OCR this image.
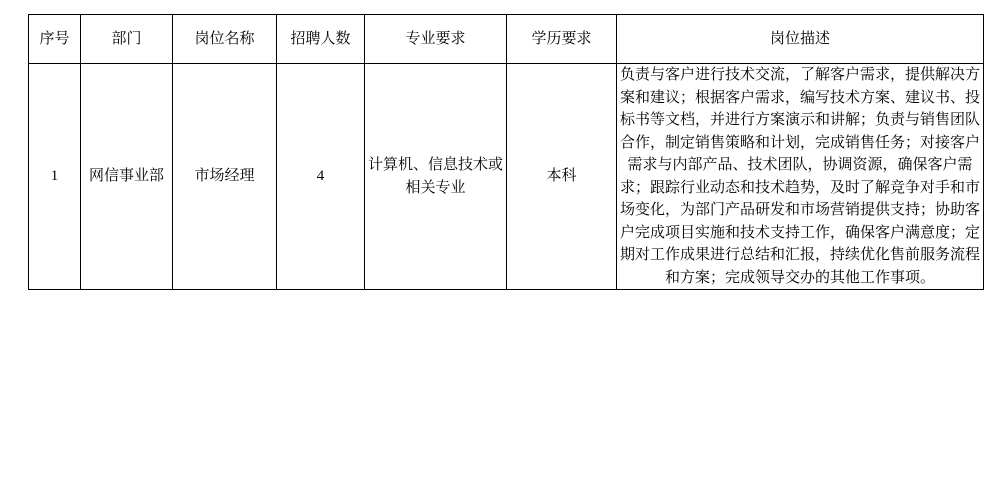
序号	部门	岗位名称	招聘人数	专业要求	学历要求	岗位描述
1	网信事业部	市场经理	4	计算机、信息技术或相关专业	本科	负责与客户进行技术交流，了解客户需求，提供解决方案和建议；根据客户需求，编写技术方案、建议书、投标书等文档，并进行方案演示和讲解；负责与销售团队合作，制定销售策略和计划，完成销售任务；对接客户需求与内部产品、技术团队，协调资源，确保客户需求；跟踪行业动态和技术趋势，及时了解竞争对手和市场变化，为部门产品研发和市场营销提供支持；协助客户完成项目实施和技术支持工作，确保客户满意度；定期对工作成果进行总结和汇报，持续优化售前服务流程和方案；完成领导交办的其他工作事项。
